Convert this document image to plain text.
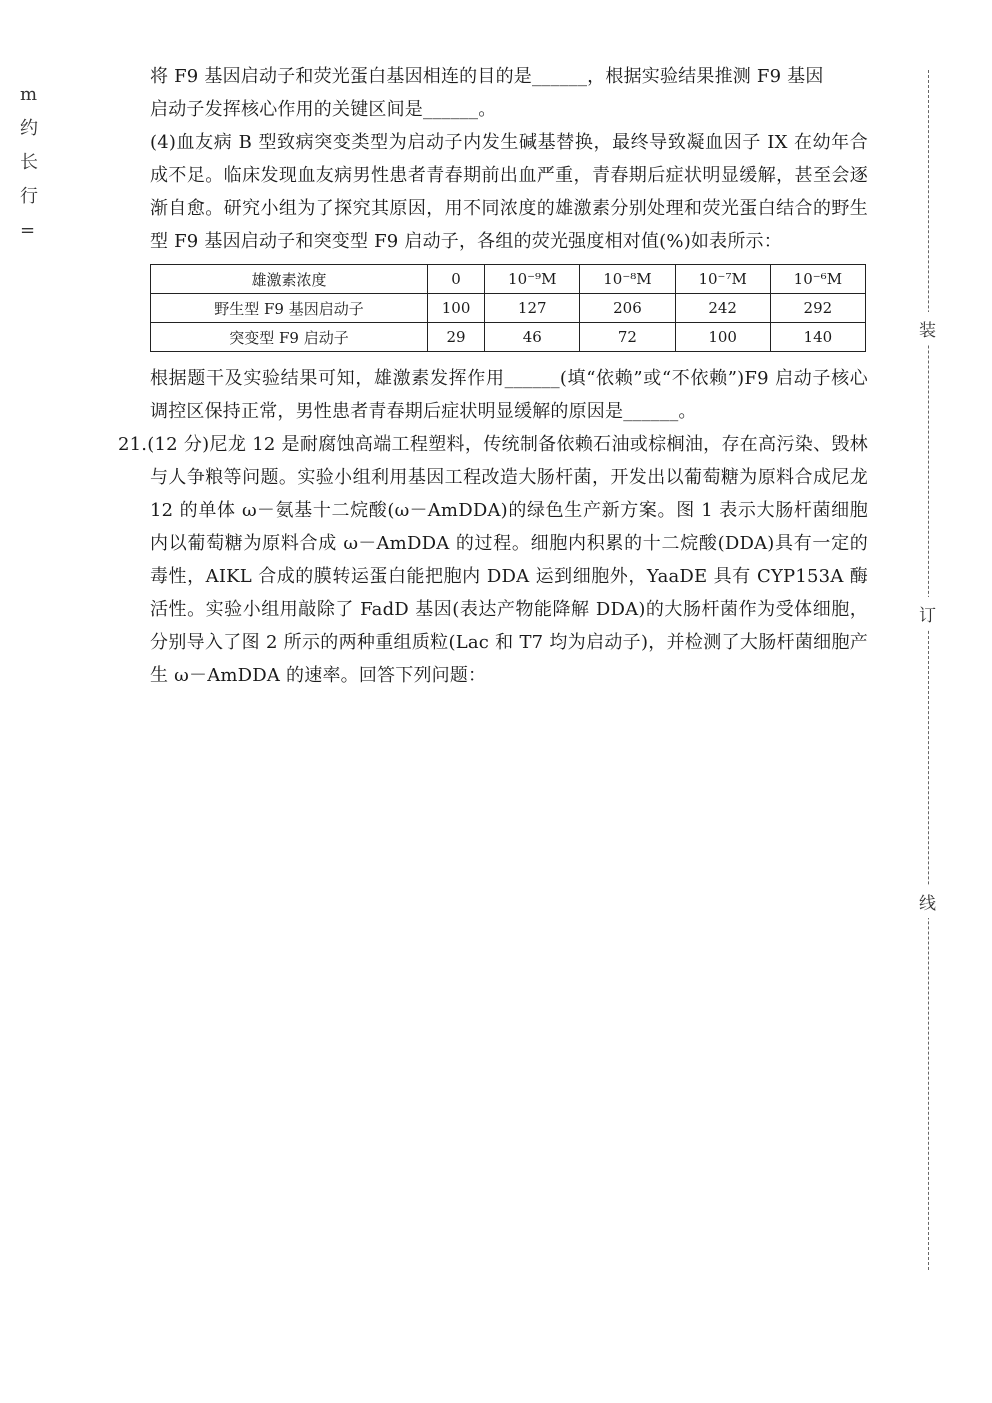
m
约
长
行
=
装
订
线

将 F9 基因启动子和荧光蛋白基因相连的目的是______，根据实验结果推测 F9 基因
启动子发挥核心作用的关键区间是______。

(4)血友病 B 型致病突变类型为启动子内发生碱基替换，最终导致凝血因子 IX 在幼年合成不足。临床发现血友病男性患者青春期前出血严重，青春期后症状明显缓解，甚至会逐渐自愈。研究小组为了探究其原因，用不同浓度的雄激素分别处理和荧光蛋白结合的野生型 F9 基因启动子和突变型 F9 启动子，各组的荧光强度相对值(%)如表所示：

雄激素浓度	0	10⁻⁹M	10⁻⁸M	10⁻⁷M	10⁻⁶M
野生型 F9 基因启动子	100	127	206	242	292
突变型 F9 启动子	29	46	72	100	140

根据题干及实验结果可知，雄激素发挥作用______(填“依赖”或“不依赖”)F9 启动子核心调控区保持正常，男性患者青春期后症状明显缓解的原因是______。

21.(12 分)尼龙 12 是耐腐蚀高端工程塑料，传统制备依赖石油或棕榈油，存在高污染、毁林与人争粮等问题。实验小组利用基因工程改造大肠杆菌，开发出以葡萄糖为原料合成尼龙 12 的单体 ω－氨基十二烷酸(ω－AmDDA)的绿色生产新方案。图 1 表示大肠杆菌细胞内以葡萄糖为原料合成 ω－AmDDA 的过程。细胞内积累的十二烷酸(DDA)具有一定的毒性，AIKL 合成的膜转运蛋白能把胞内 DDA 运到细胞外，YaaDE 具有 CYP153A 酶活性。实验小组用敲除了 FadD 基因(表达产物能降解 DDA)的大肠杆菌作为受体细胞，分别导入了图 2 所示的两种重组质粒(Lac 和 T7 均为启动子)，并检测了大肠杆菌细胞产生 ω－AmDDA 的速率。回答下列问题：
